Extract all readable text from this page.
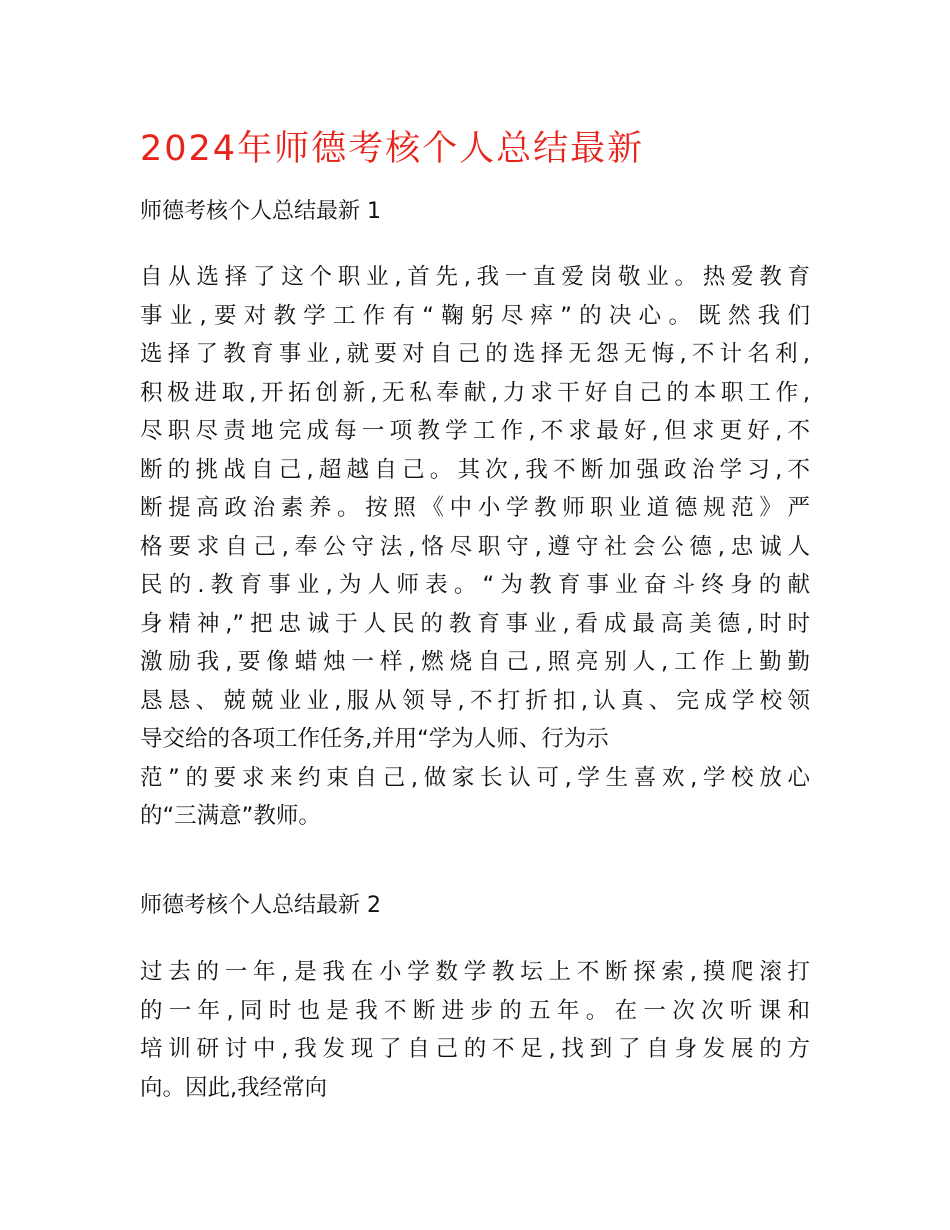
2024年师德考核个人总结最新
师德考核个人总结最新 1
自从选择了这个职业,首先,我一直爱岗敬业。热爱教育
事业,要对教学工作有“鞠躬尽瘁”的决心。既然我们
选择了教育事业,就要对自己的选择无怨无悔,不计名利,
积极进取,开拓创新,无私奉献,力求干好自己的本职工作,
尽职尽责地完成每一项教学工作,不求最好,但求更好,不
断的挑战自己,超越自己。其次,我不断加强政治学习,不
断提高政治素养。按照《中小学教师职业道德规范》严
格要求自己,奉公守法,恪尽职守,遵守社会公德,忠诚人
民的.教育事业,为人师表。“为教育事业奋斗终身的献
身精神,”把忠诚于人民的教育事业,看成最高美德,时时
激励我,要像蜡烛一样,燃烧自己,照亮别人,工作上勤勤
恳恳、兢兢业业,服从领导,不打折扣,认真、完成学校领
导交给的各项工作任务,并用“学为人师、行为示
范”的要求来约束自己,做家长认可,学生喜欢,学校放心
的“三满意”教师。
师德考核个人总结最新 2
过去的一年,是我在小学数学教坛上不断探索,摸爬滚打
的一年,同时也是我不断进步的五年。在一次次听课和
培训研讨中,我发现了自己的不足,找到了自身发展的方
向。因此,我经常向
